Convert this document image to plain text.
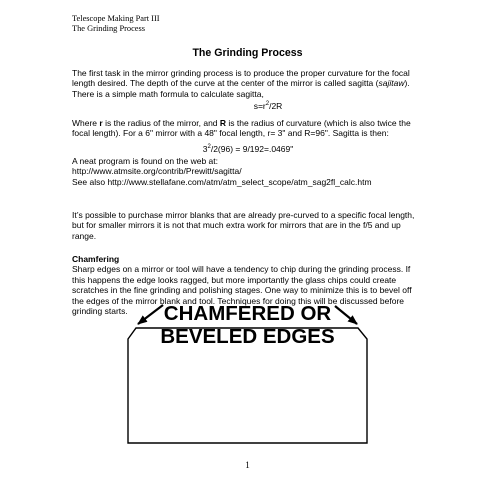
Telescope Making Part III
The Grinding Process
The Grinding Process

The first task in the mirror grinding process is to produce the proper curvature for the focal length desired. The depth of the curve at the center of the mirror is called sagitta (sajitaw). There is a simple math formula to calculate sagitta,

$s=r^2/2R$

Where r is the radius of the mirror, and R is the radius of curvature (which is also twice the focal length). For a 6" mirror with a 48" focal length, r= 3" and R=96". Sagitta is then:

$3^2/2(96) = 9/192=.0469$"

A neat program is found on the web at:

http://www.atmsite.org/contrib/Prewitt/sagitta/

See also http://www.stellafane.com/atm/atm_select_scope/atm_sag2fl_calc.htm

It’s possible to purchase mirror blanks that are already pre-curved to a specific focal length, but for smaller mirrors it is not that much extra work for mirrors that are in the f/5 and up range.

Chamfering

Sharp edges on a mirror or tool will have a tendency to chip during the grinding process. If this happens the edge looks ragged, but more importantly the glass chips could create scratches in the fine grinding and polishing stages. One way to minimize this is to bevel off the edges of the mirror blank and tool. Techniques for doing this will be discussed before grinding starts.	CHAMFERED OR
BEVELED EDGES
1
